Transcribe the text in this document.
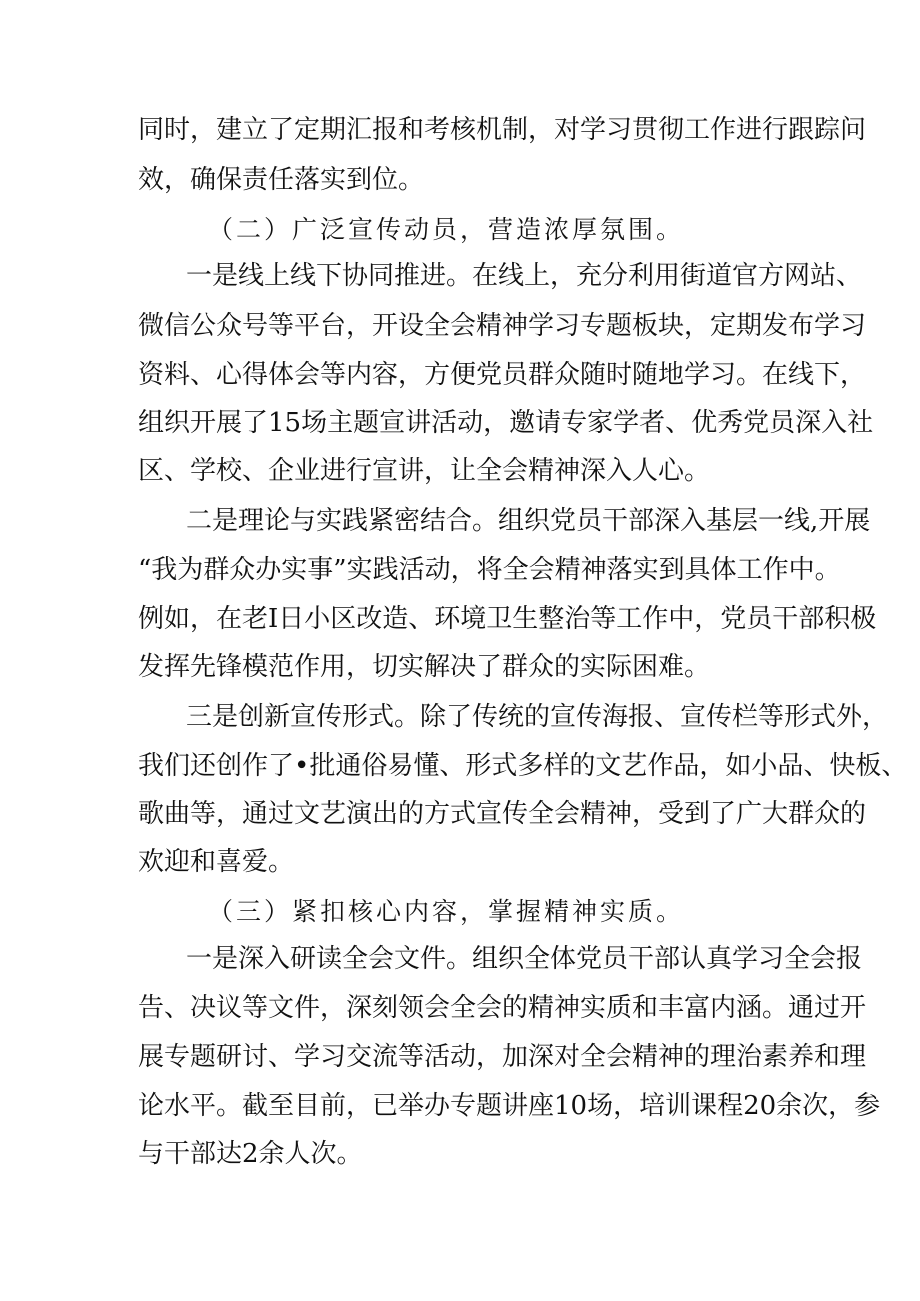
同时，建立了定期汇报和考核机制，对学习贯彻工作进行跟踪问
效，确保责任落实到位。
（二）广泛宣传动员，营造浓厚氛围。
一是线上线下协同推进。在线上，充分利用街道官方网站、
微信公众号等平台，开设全会精神学习专题板块，定期发布学习
资料、心得体会等内容，方便党员群众随时随地学习。在线下，
组织开展了15场主题宣讲活动，邀请专家学者、优秀党员深入社
区、学校、企业进行宣讲，让全会精神深入人心。
二是理论与实践紧密结合。组织党员干部深入基层一线,开展
“我为群众办实事”实践活动，将全会精神落实到具体工作中。
例如，在老I日小区改造、环境卫生整治等工作中，党员干部积极
发挥先锋模范作用，切实解决了群众的实际困难。
三是创新宣传形式。除了传统的宣传海报、宣传栏等形式外，
我们还创作了•批通俗易懂、形式多样的文艺作品，如小品、快板、
歌曲等，通过文艺演出的方式宣传全会精神，受到了广大群众的
欢迎和喜爱。
（三）紧扣核心内容，掌握精神实质。
一是深入研读全会文件。组织全体党员干部认真学习全会报
告、决议等文件，深刻领会全会的精神实质和丰富内涵。通过开
展专题研讨、学习交流等活动，加深对全会精神的理治素养和理
论水平。截至目前，已举办专题讲座10场，培训课程20余次，参
与干部达2余人次。
